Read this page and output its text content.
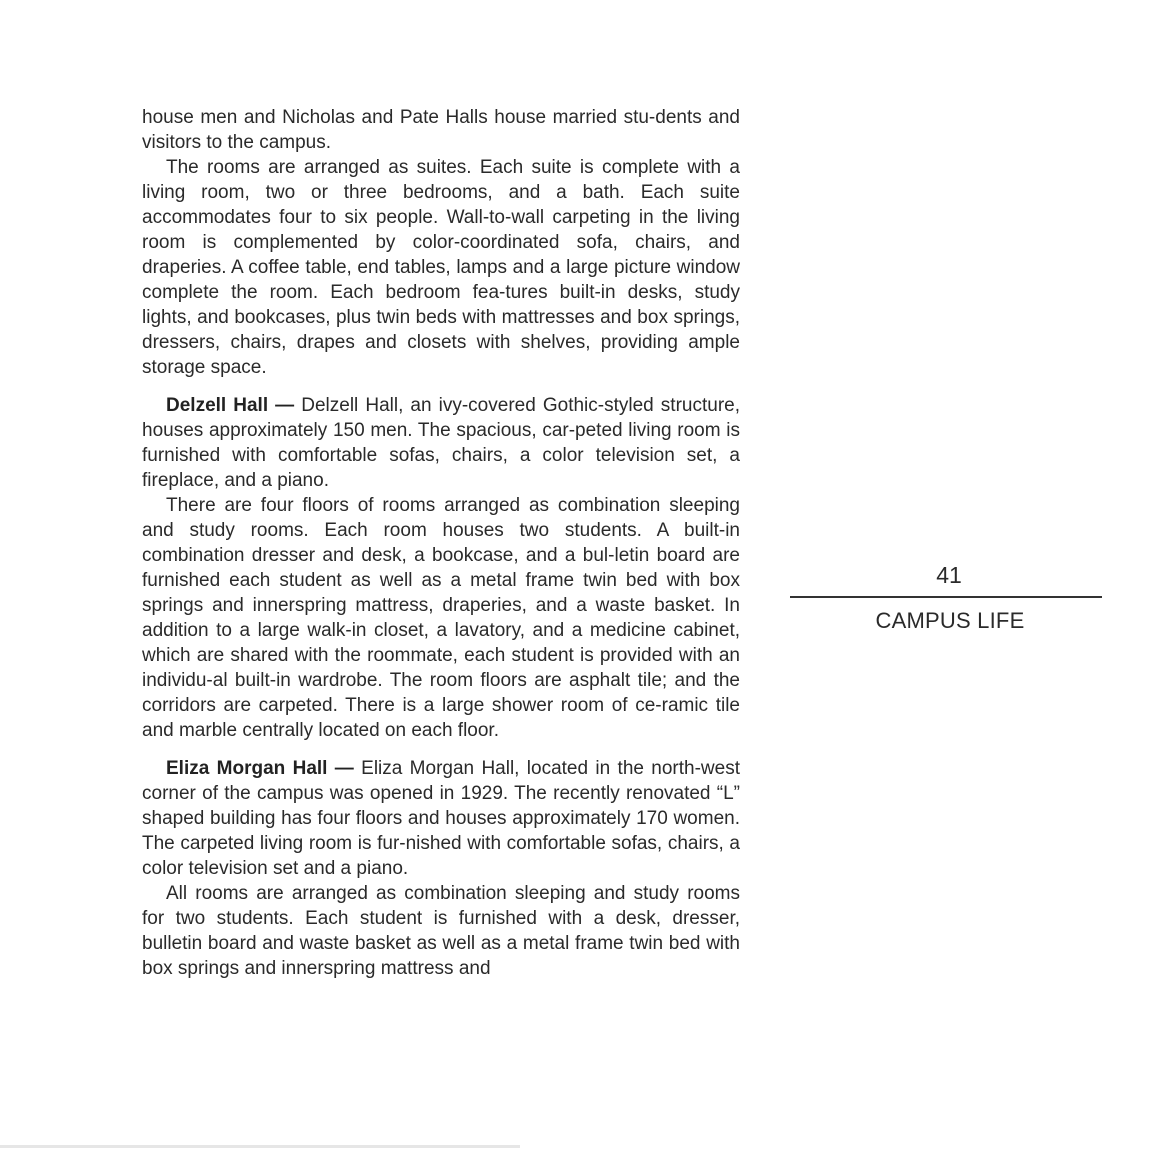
house men and Nicholas and Pate Halls house married stu-dents and visitors to the campus.

The rooms are arranged as suites. Each suite is complete with a living room, two or three bedrooms, and a bath. Each suite accommodates four to six people. Wall-to-wall carpeting in the living room is complemented by color-coordinated sofa, chairs, and draperies. A coffee table, end tables, lamps and a large picture window complete the room. Each bedroom fea-tures built-in desks, study lights, and bookcases, plus twin beds with mattresses and box springs, dressers, chairs, drapes and closets with shelves, providing ample storage space.

Delzell Hall — Delzell Hall, an ivy-covered Gothic-styled structure, houses approximately 150 men. The spacious, car-peted living room is furnished with comfortable sofas, chairs, a color television set, a fireplace, and a piano.

There are four floors of rooms arranged as combination sleeping and study rooms. Each room houses two students. A built-in combination dresser and desk, a bookcase, and a bul-letin board are furnished each student as well as a metal frame twin bed with box springs and innerspring mattress, draperies, and a waste basket. In addition to a large walk-in closet, a lavatory, and a medicine cabinet, which are shared with the roommate, each student is provided with an individu-al built-in wardrobe. The room floors are asphalt tile; and the corridors are carpeted. There is a large shower room of ce-ramic tile and marble centrally located on each floor.

Eliza Morgan Hall — Eliza Morgan Hall, located in the north-west corner of the campus was opened in 1929. The recently renovated “L” shaped building has four floors and houses approximately 170 women. The carpeted living room is fur-nished with comfortable sofas, chairs, a color television set and a piano.

All rooms are arranged as combination sleeping and study rooms for two students. Each student is furnished with a desk, dresser, bulletin board and waste basket as well as a metal frame twin bed with box springs and innerspring mattress and

41
CAMPUS LIFE
